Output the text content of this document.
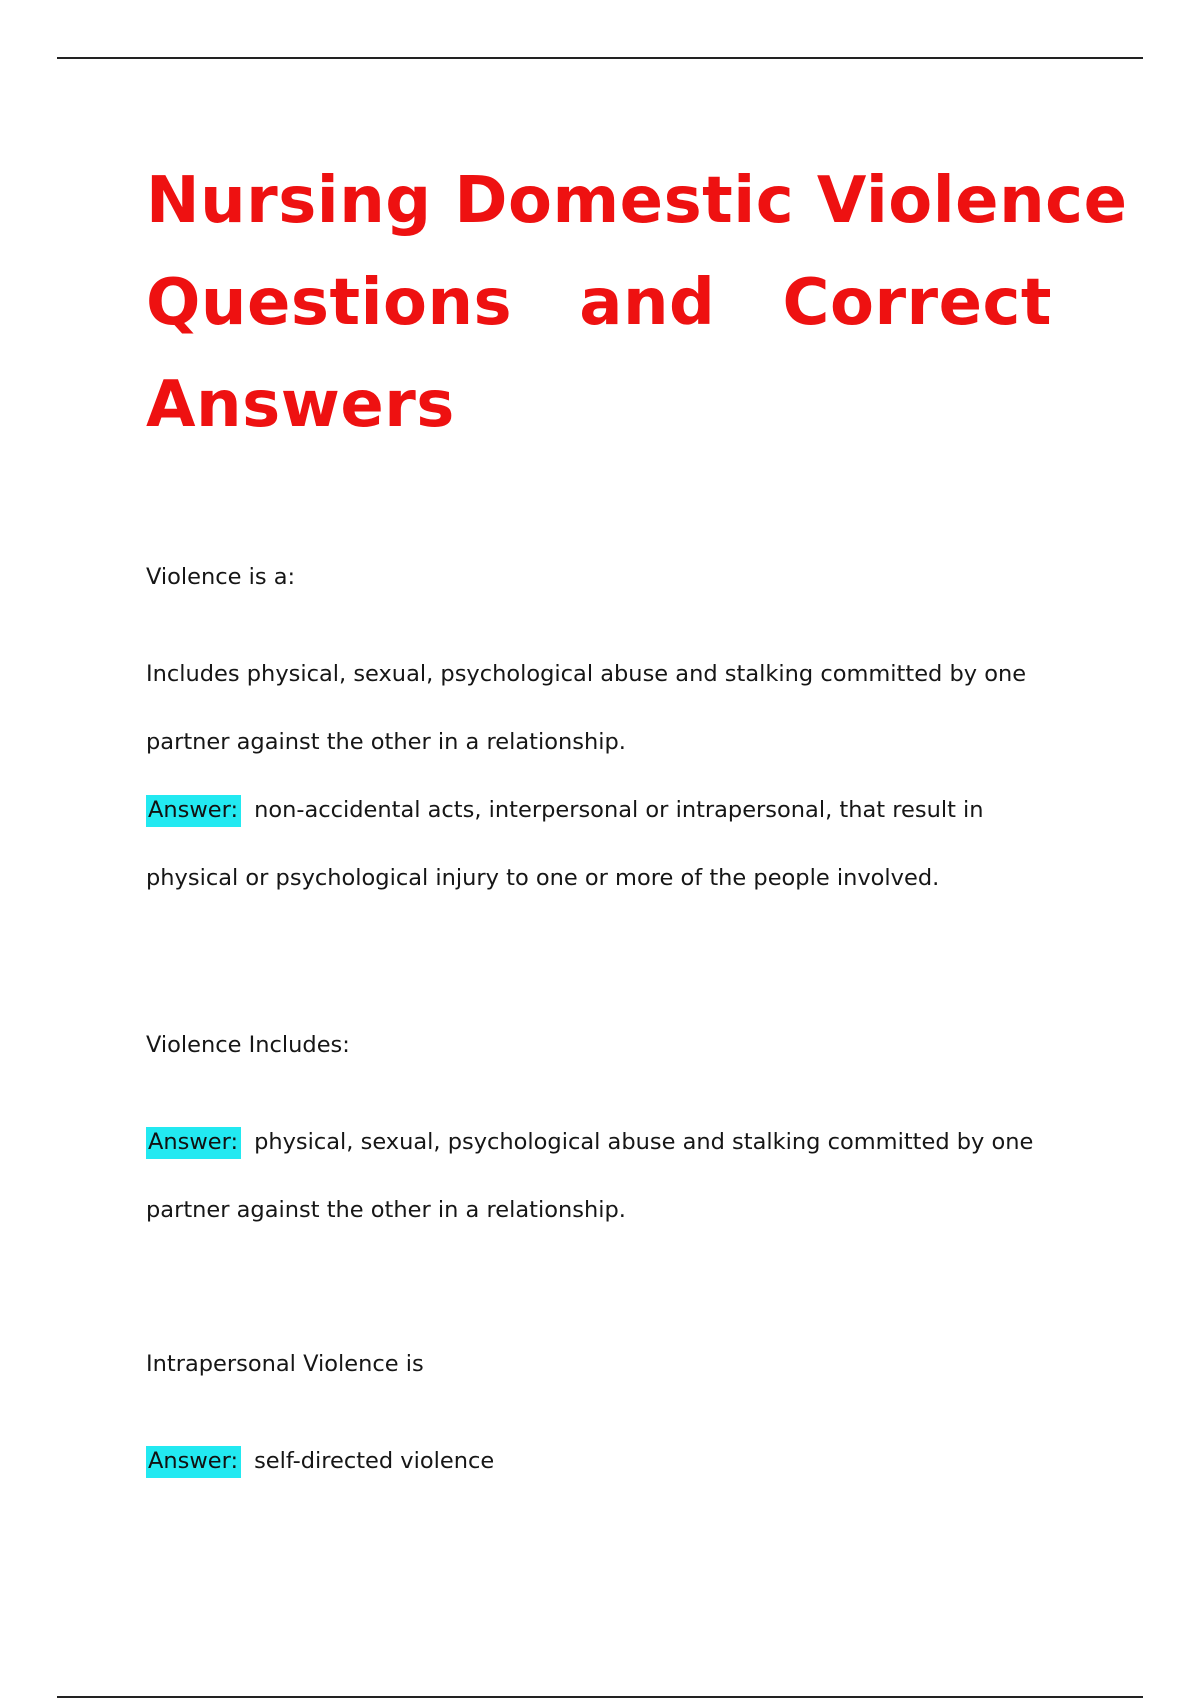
Nursing Domestic Violence
Questions and Correct
Answers

Violence is a:

Includes physical, sexual, psychological abuse and stalking committed by one

partner against the other in a relationship.

Answer: non-accidental acts, interpersonal or intrapersonal, that result in

physical or psychological injury to one or more of the people involved.

Violence Includes:

Answer: physical, sexual, psychological abuse and stalking committed by one

partner against the other in a relationship.

Intrapersonal Violence is

Answer: self-directed violence
